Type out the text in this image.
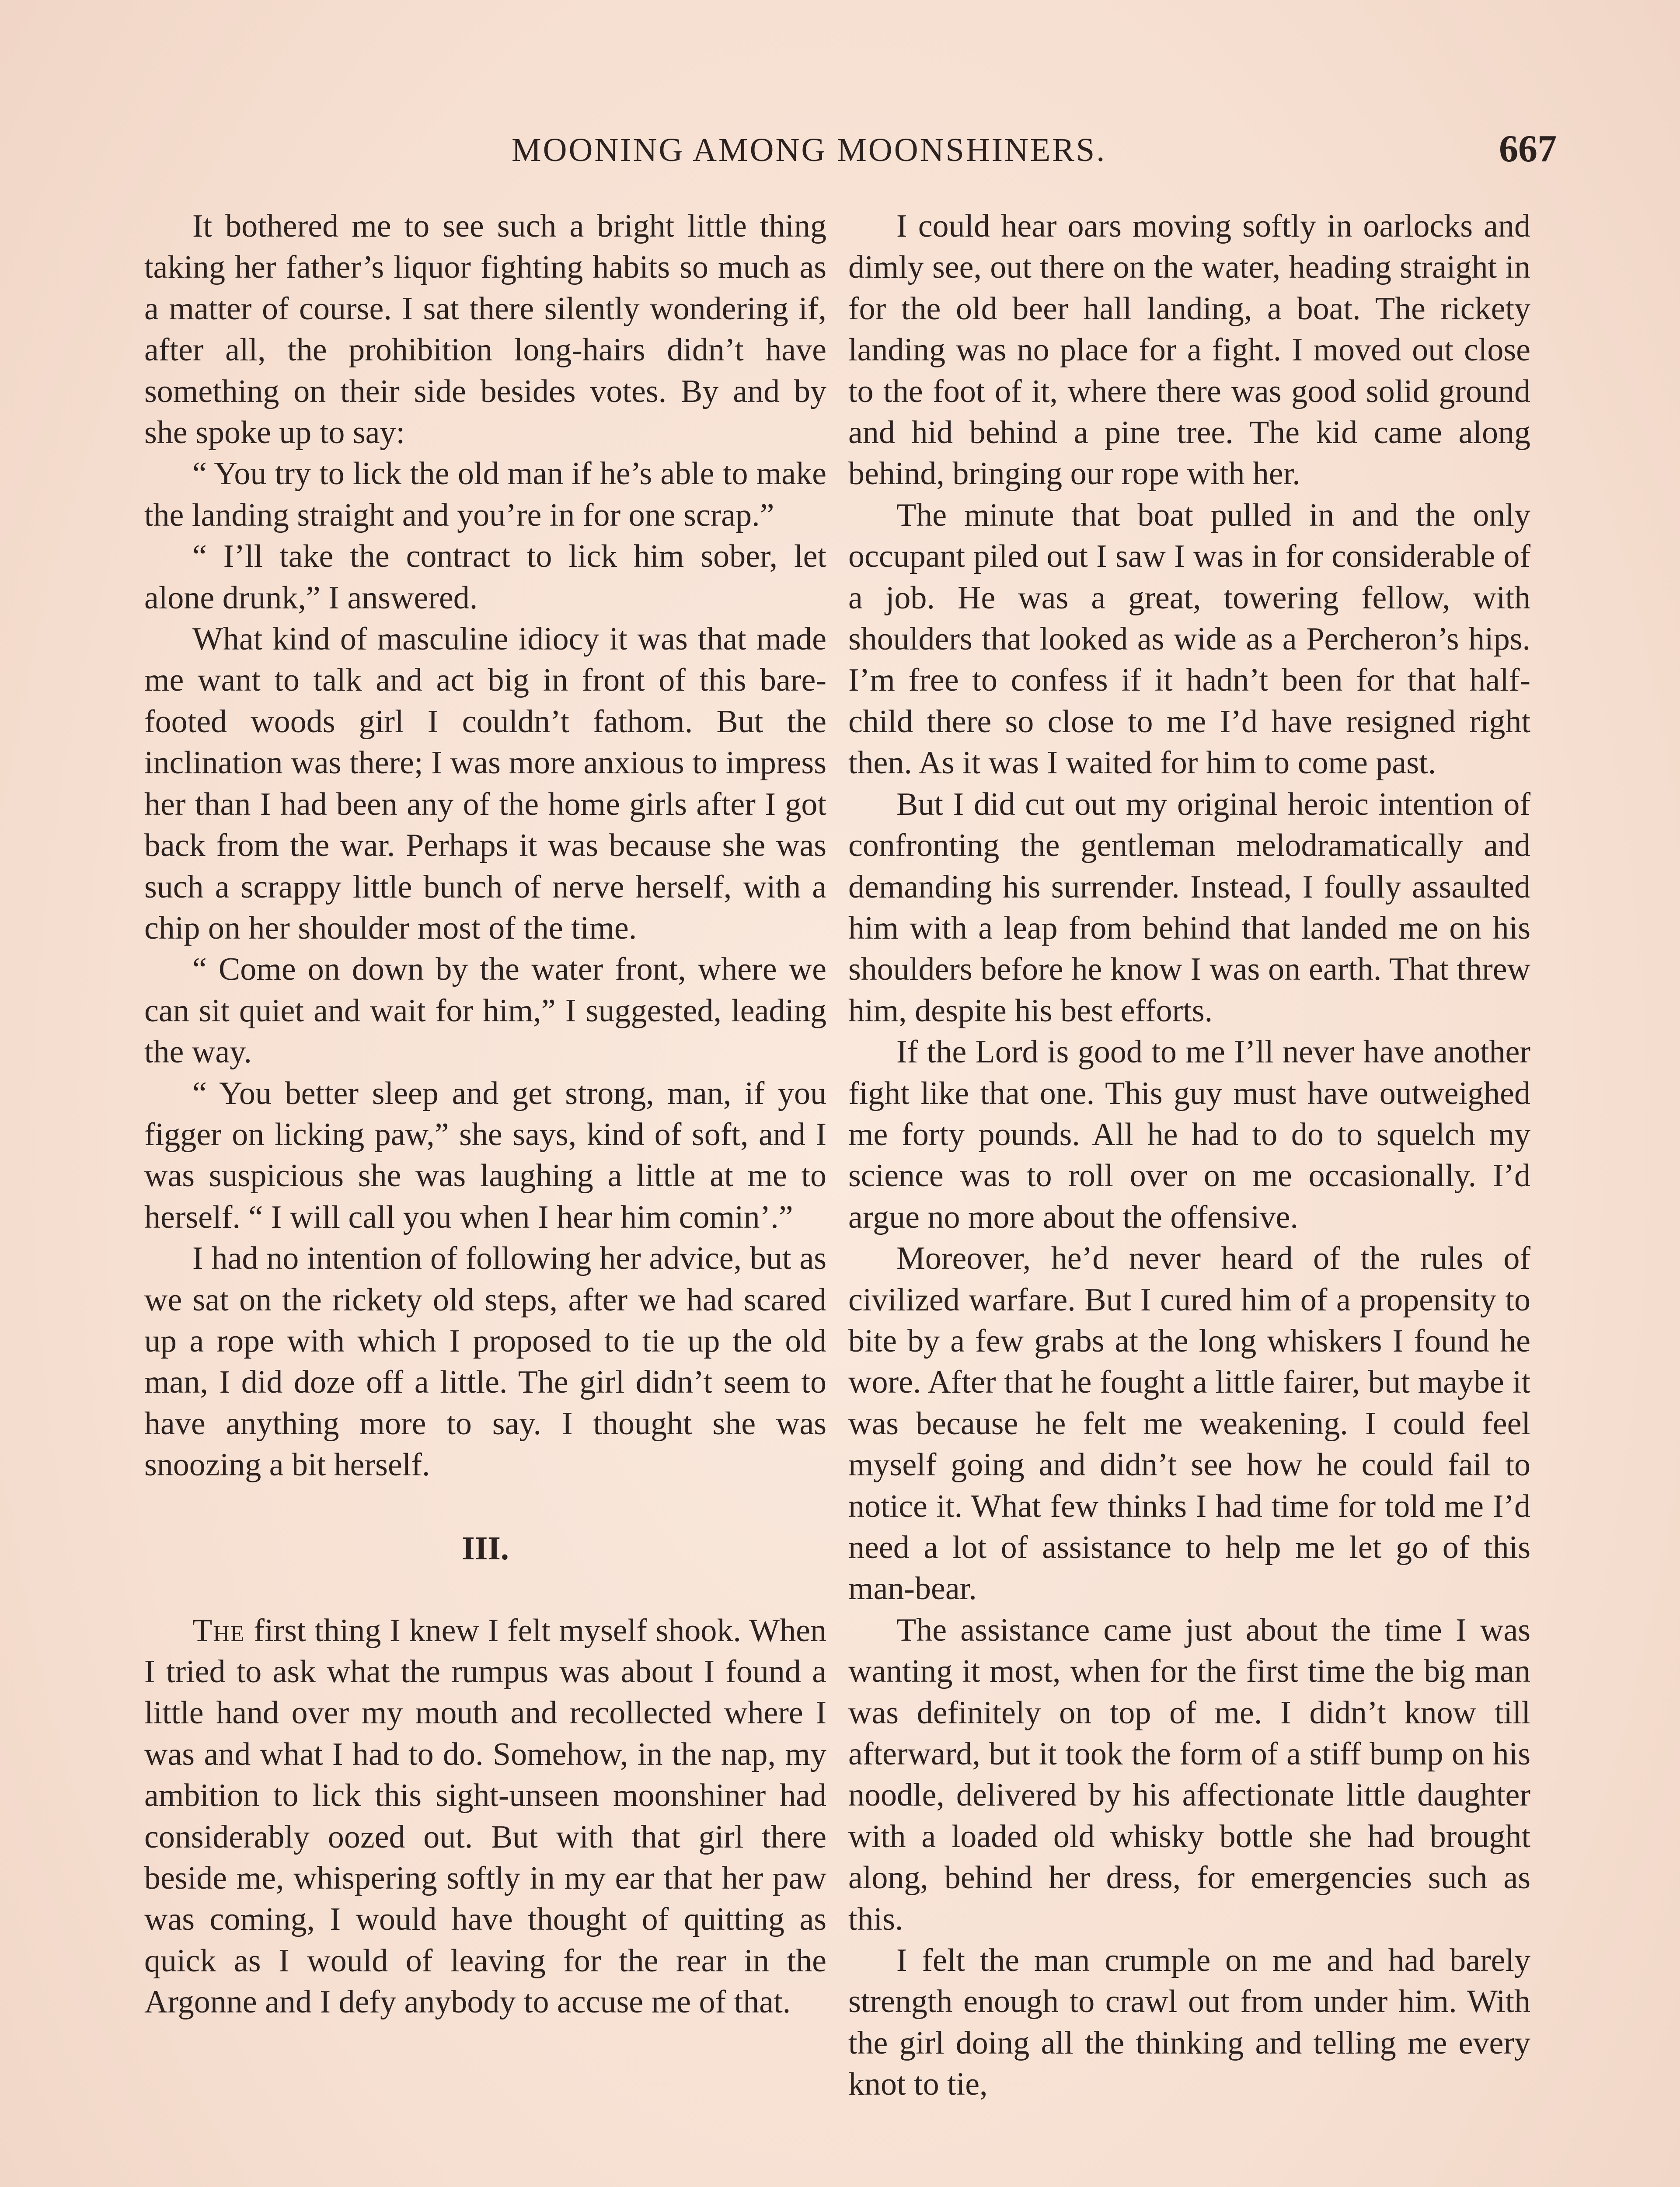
MOONING AMONG MOONSHINERS.	667

It bothered me to see such a bright little thing taking her father’s liquor fighting habits so much as a matter of course. I sat there silently wondering if, after all, the prohibition long-hairs didn’t have something on their side besides votes. By and by she spoke up to say:

“ You try to lick the old man if he’s able to make the landing straight and you’re in for one scrap.”

“ I’ll take the contract to lick him sober, let alone drunk,” I answered.

What kind of masculine idiocy it was that made me want to talk and act big in front of this bare-footed woods girl I couldn’t fathom. But the inclination was there; I was more anxious to impress her than I had been any of the home girls after I got back from the war. Perhaps it was because she was such a scrappy little bunch of nerve herself, with a chip on her shoulder most of the time.

“ Come on down by the water front, where we can sit quiet and wait for him,” I suggested, leading the way.

“ You better sleep and get strong, man, if you figger on licking paw,” she says, kind of soft, and I was suspicious she was laughing a little at me to herself. “ I will call you when I hear him comin’.”

I had no intention of following her advice, but as we sat on the rickety old steps, after we had scared up a rope with which I proposed to tie up the old man, I did doze off a little. The girl didn’t seem to have anything more to say. I thought she was snoozing a bit herself.

III.

The first thing I knew I felt myself shook. When I tried to ask what the rumpus was about I found a little hand over my mouth and recollected where I was and what I had to do. Somehow, in the nap, my ambition to lick this sight-unseen moonshiner had considerably oozed out. But with that girl there beside me, whispering softly in my ear that her paw was coming, I would have thought of quitting as quick as I would of leaving for the rear in the Argonne and I defy anybody to accuse me of that.

I could hear oars moving softly in oarlocks and dimly see, out there on the water, heading straight in for the old beer hall landing, a boat. The rickety landing was no place for a fight. I moved out close to the foot of it, where there was good solid ground and hid behind a pine tree. The kid came along behind, bringing our rope with her.

The minute that boat pulled in and the only occupant piled out I saw I was in for considerable of a job. He was a great, towering fellow, with shoulders that looked as wide as a Percheron’s hips. I’m free to confess if it hadn’t been for that half-child there so close to me I’d have resigned right then. As it was I waited for him to come past.

But I did cut out my original heroic intention of confronting the gentleman melodramatically and demanding his surrender. Instead, I foully assaulted him with a leap from behind that landed me on his shoulders before he know I was on earth. That threw him, despite his best efforts.

If the Lord is good to me I’ll never have another fight like that one. This guy must have outweighed me forty pounds. All he had to do to squelch my science was to roll over on me occasionally. I’d argue no more about the offensive.

Moreover, he’d never heard of the rules of civilized warfare. But I cured him of a propensity to bite by a few grabs at the long whiskers I found he wore. After that he fought a little fairer, but maybe it was because he felt me weakening. I could feel myself going and didn’t see how he could fail to notice it. What few thinks I had time for told me I’d need a lot of assistance to help me let go of this man-bear.

The assistance came just about the time I was wanting it most, when for the first time the big man was definitely on top of me. I didn’t know till afterward, but it took the form of a stiff bump on his noodle, delivered by his affectionate little daughter with a loaded old whisky bottle she had brought along, behind her dress, for emergencies such as this.

I felt the man crumple on me and had barely strength enough to crawl out from under him. With the girl doing all the thinking and telling me every knot to tie,
